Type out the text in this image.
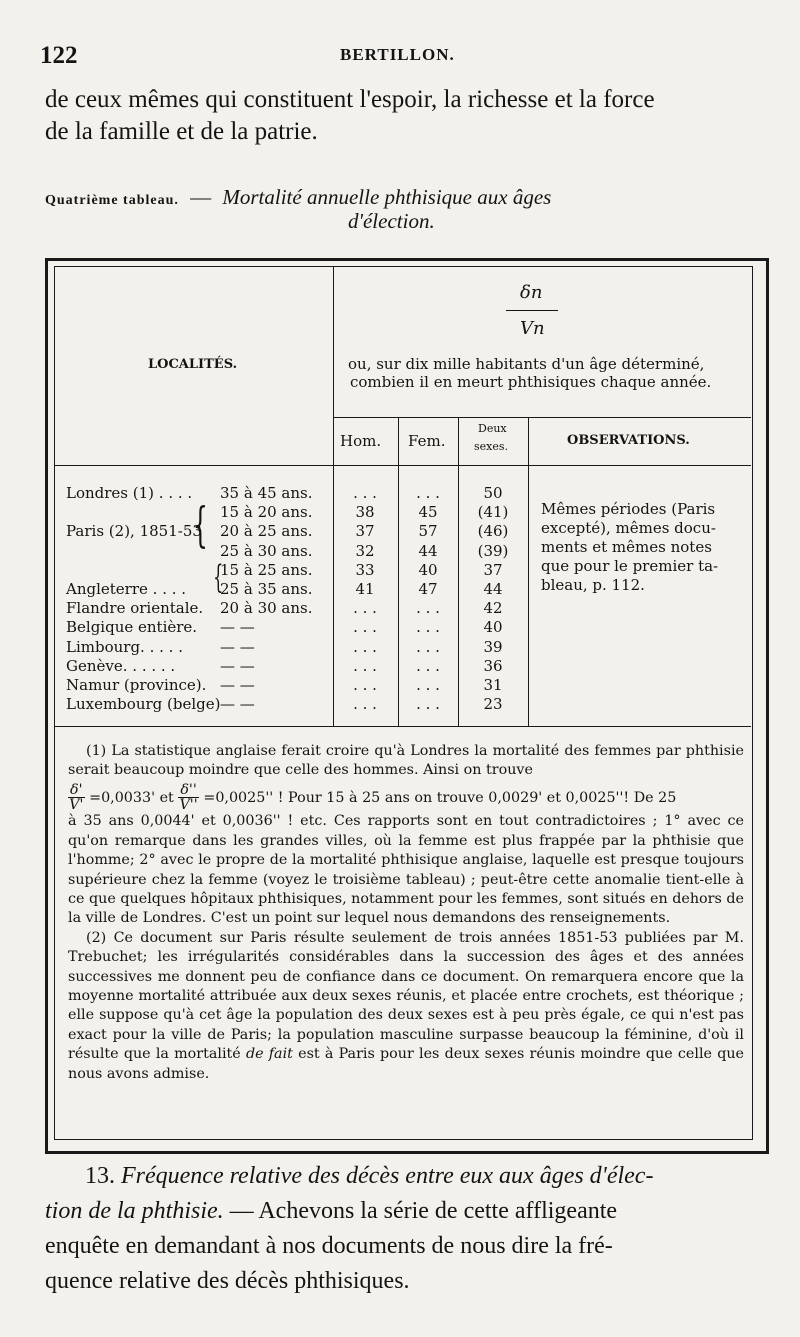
122	BERTILLON.
de ceux mêmes qui constituent l'espoir, la richesse et la force
de la famille et de la patrie.
Quatrième tableau. — Mortalité annuelle phthisique aux âges
d'élection.
LOCALITÉS.
δn
Vn
ou, sur dix mille habitants d'un âge déterminé,
combien il en meurt phthisiques chaque année.
Hom. Fem.
Deux
sexes.	OBSERVATIONS.
Londres (1) . . . . 35 à 45 ans.	. . .	. . .	50
15 à 20 ans.	38	45	(41)
Paris (2), 1851-53 20 à 25 ans.	37	57	(46)
25 à 30 ans.	32	44	(39)
15 à 25 ans.	33	40	37
Angleterre . . . . 25 à 35 ans.	41	47	44
Flandre orientale. 20 à 30 ans.	. . .	. . .	42
Belgique entière. — —	. . .	. . .	40
Limbourg. . . . . — —	. . .	. . .	39
Genève. . . . . .	— —	. . .	. . .	36
Namur (province). — —	. . .	. . .	31
Luxembourg (belge) — —	. . .	. . .	23
{
{
Mêmes périodes (Paris
excepté), mêmes docu-
ments et mêmes notes
que pour le premier ta-
bleau, p. 112.

(1) La statistique anglaise ferait croire qu'à Londres la mortalité des femmes par phthisie serait beaucoup moindre que celle des hommes. Ainsi on trouve

$\frac{\delta'}{V'} =0,0033'$ et $\frac{\delta''}{V''} =0,0025''$ ! Pour 15 à 25 ans on trouve 0,0029' et 0,0025''! De 25
à 35 ans 0,0044' et 0,0036'' ! etc. Ces rapports sont en tout contradictoires ; 1° avec ce qu'on remarque dans les grandes villes, où la femme est plus frappée par la phthisie que l'homme; 2° avec le propre de la mortalité phthisique anglaise, laquelle est presque toujours supérieure chez la femme (voyez le troisième tableau) ; peut-être cette anomalie tient-elle à ce que quelques hôpitaux phthisiques, notamment pour les femmes, sont situés en dehors de la ville de Londres. C'est un point sur lequel nous demandons des renseignements.

(2) Ce document sur Paris résulte seulement de trois années 1851-53 publiées par M. Trebuchet; les irrégularités considérables dans la succession des âges et des années successives me donnent peu de confiance dans ce document. On remarquera encore que la moyenne mortalité attribuée aux deux sexes réunis, et placée entre crochets, est théorique ; elle suppose qu'à cet âge la population des deux sexes est à peu près égale, ce qui n'est pas exact pour la ville de Paris; la population masculine surpasse beaucoup la féminine, d'où il résulte que la mortalité de fait est à Paris pour les deux sexes réunis moindre que celle que nous avons admise.

13. Fréquence relative des décès entre eux aux âges d'élec-
tion de la phthisie. — Achevons la série de cette affligeante
enquête en demandant à nos documents de nous dire la fré-
quence relative des décès phthisiques.
